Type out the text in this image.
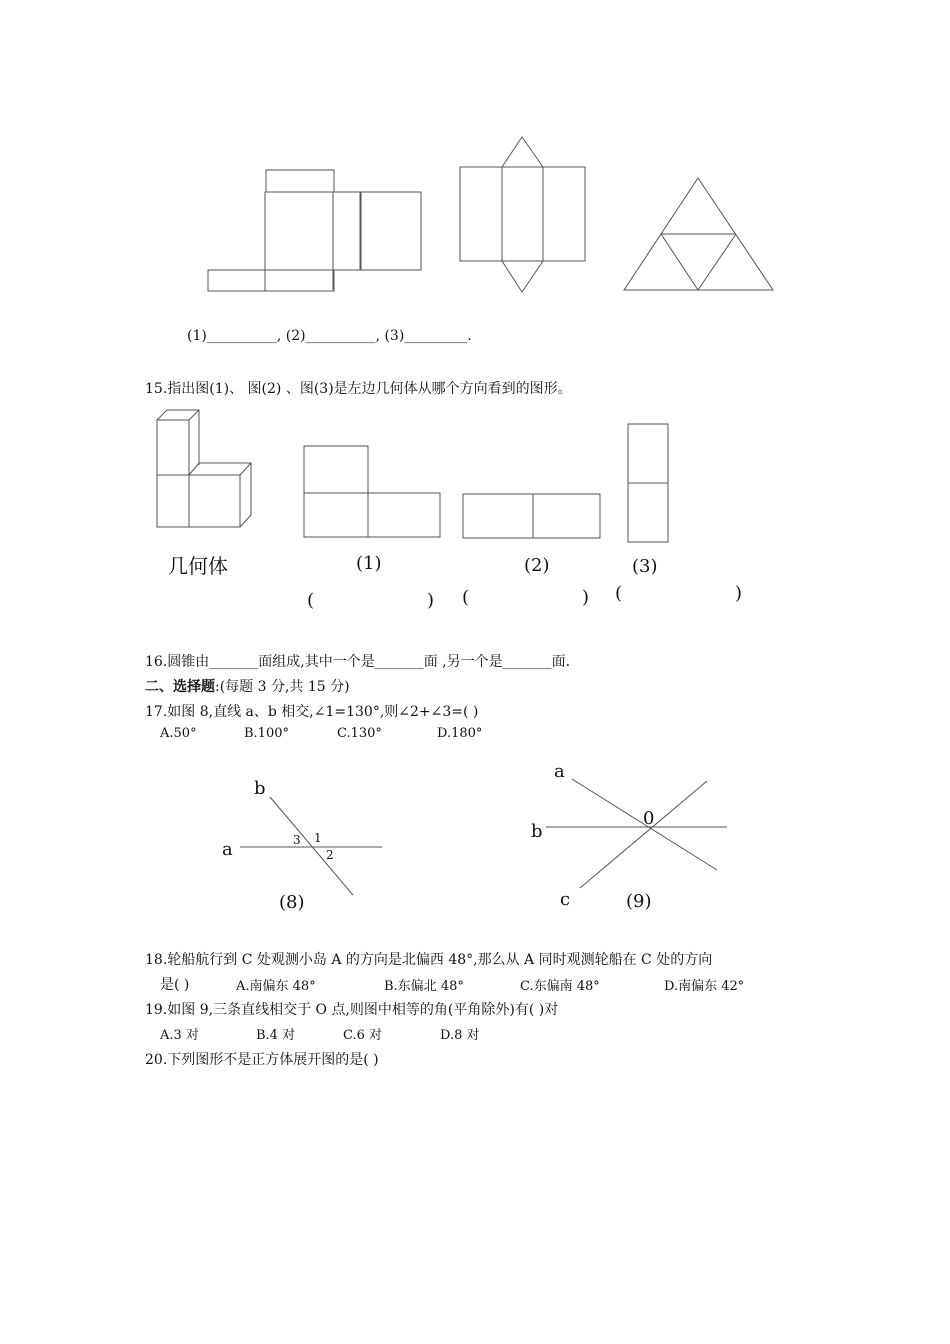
(1)__________, (2)__________, (3)_________.
15.指出图(1)、 图(2) 、图(3)是左边几何体从哪个方向看到的图形。
几何体	(1)	(2)	(3)
(	) (	) (	)
16.圆锥由_______面组成,其中一个是_______面 ,另一个是_______面.
二、选择题:(每题 3 分,共 15 分)
17.如图 8,直线 a、b 相交,∠1=130°,则∠2+∠3=( )
A.50°	B.100°	C.130°	D.180°
b
a	3 1
2
(8)
a
b
0
c	(9)
18.轮船航行到 C 处观测小岛 A 的方向是北偏西 48°,那么从 A 同时观测轮船在 C 处的方向
是( )	A.南偏东 48°	B.东偏北 48°	C.东偏南 48°	D.南偏东 42°
19.如图 9,三条直线相交于 O 点,则图中相等的角(平角除外)有( )对
A.3 对	B.4 对	C.6 对	D.8 对
20.下列图形不是正方体展开图的是( )
